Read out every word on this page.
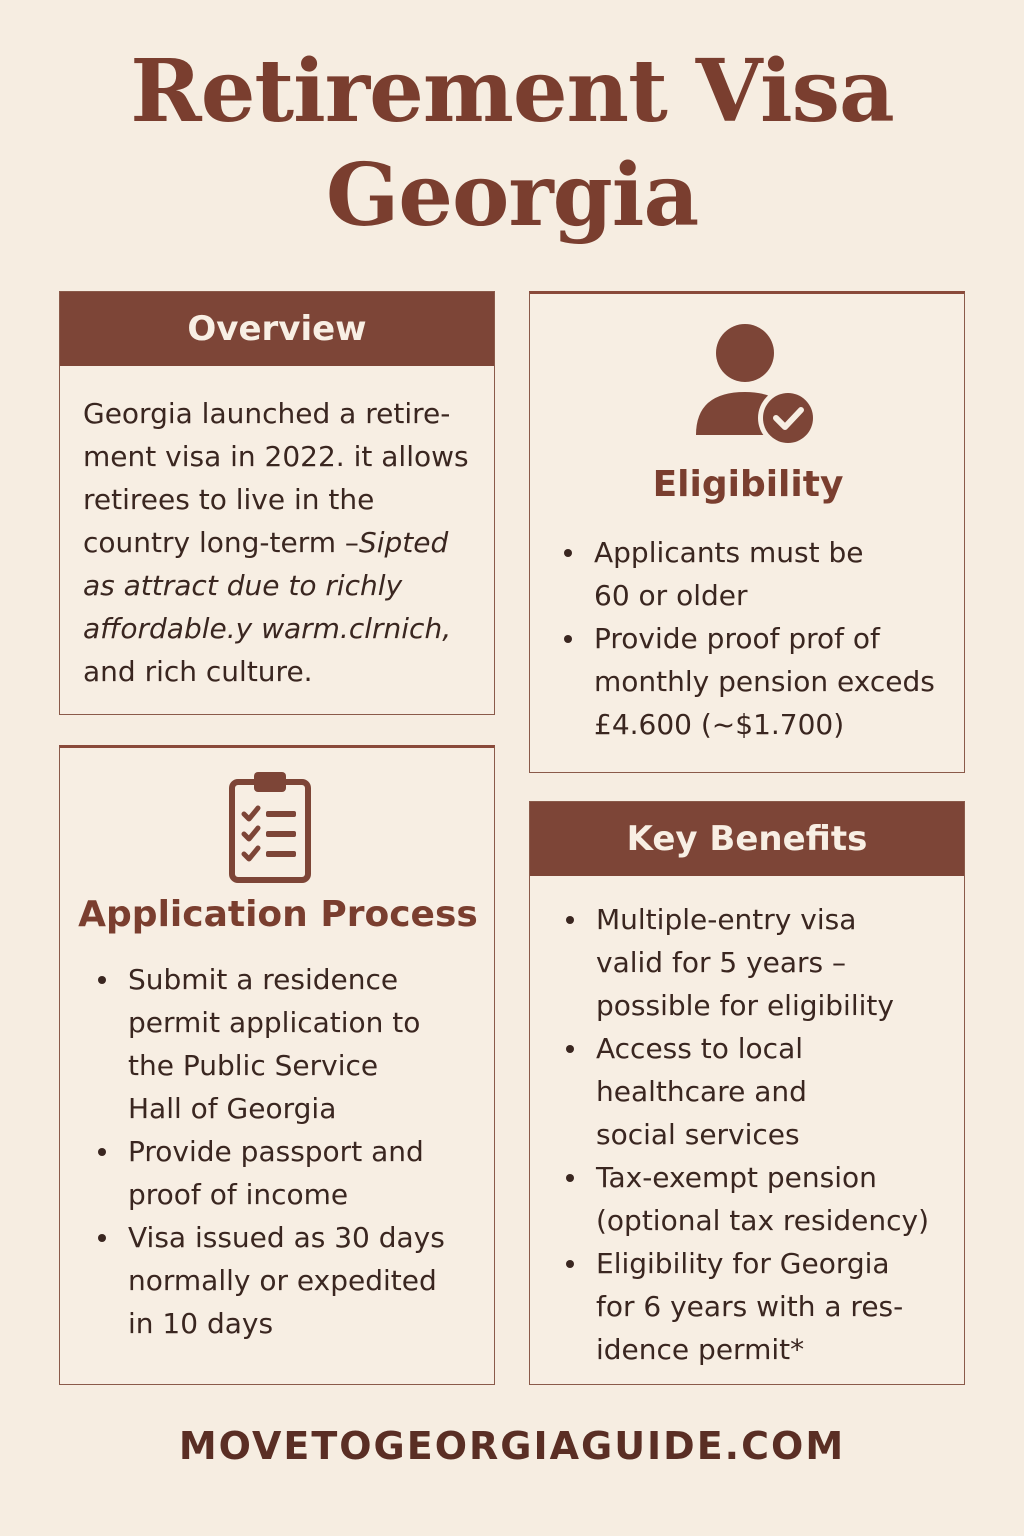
Retirement Visa
Georgia
Overview
Georgia launched a retire-
ment visa in 2022. it allows
retirees to live in the
country long-term –Sipted
as attract due to richly
affordable.y warm.clrnich,
and rich culture.
Eligibility
Applicants must be
60 or older
Provide proof prof of
monthly pension exceds
£4.600 (~$1.700)
Application Process
Submit a residence
permit application to
the Public Service
Hall of Georgia
Provide passport and
proof of income
Visa issued as 30 days
normally or expedited
in 10 days
Key Benefits
Multiple-entry visa
valid for 5 years –
possible for eligibility
Access to local
healthcare and
social services
Tax-exempt pension
(optional tax residency)
Eligibility for Georgia
for 6 years with a res-
idence permit*
MOVETOGEORGIAGUIDE.COM
